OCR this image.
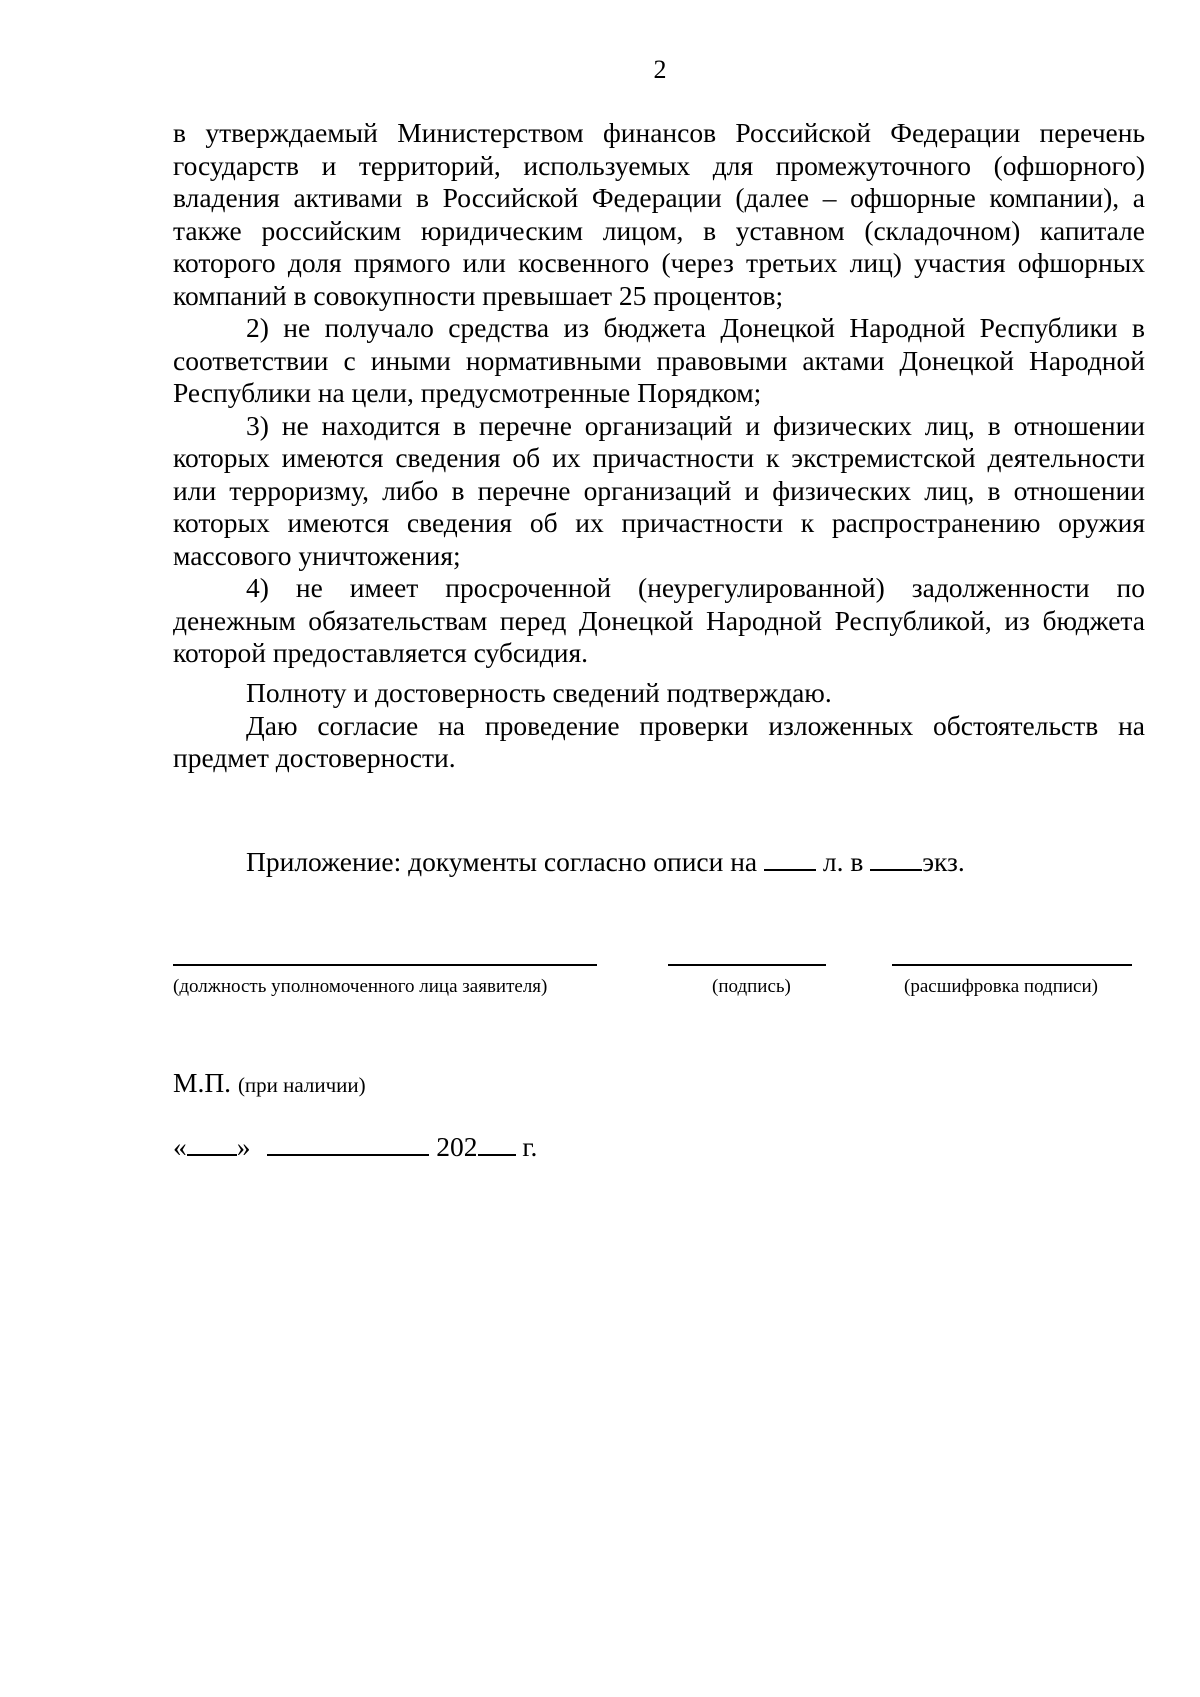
2

в утверждаемый Министерством финансов Российской Федерации перечень государств и территорий, используемых для промежуточного (офшорного) владения активами в Российской Федерации (далее – офшорные компании), а также российским юридическим лицом, в уставном (складочном) капитале которого доля прямого или косвенного (через третьих лиц) участия офшорных компаний в совокупности превышает 25 процентов;

2) не получало средства из бюджета Донецкой Народной Республики в соответствии с иными нормативными правовыми актами Донецкой Народной Республики на цели, предусмотренные Порядком;

3) не находится в перечне организаций и физических лиц, в отношении которых имеются сведения об их причастности к экстремистской деятельности или терроризму, либо в перечне организаций и физических лиц, в отношении которых имеются сведения об их причастности к распространению оружия массового уничтожения;

4) не имеет просроченной (неурегулированной) задолженности по денежным обязательствам перед Донецкой Народной Республикой, из бюджета которой предоставляется субсидия.

Полноту и достоверность сведений подтверждаю.

Даю согласие на проведение проверки изложенных обстоятельств на предмет достоверности.

Приложение: документы согласно описи на л. в экз.
(должность уполномоченного лица заявителя)	(подпись)	(расшифровка подписи)
М.П. (при наличии)
« »	202 г.
